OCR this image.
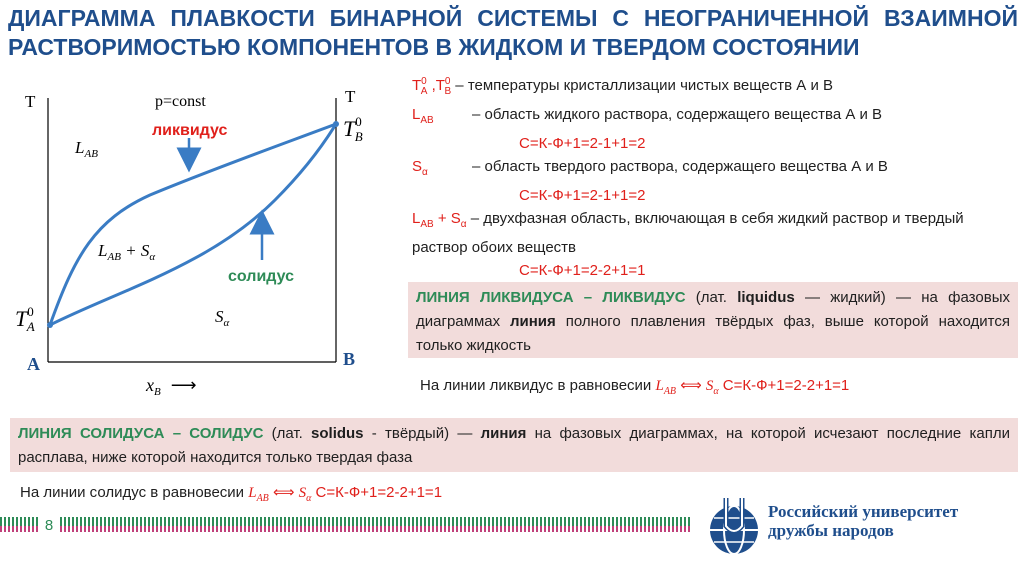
ДИАГРАММА ПЛАВКОСТИ БИНАРНОЙ СИСТЕМЫ С НЕОГРАНИЧЕННОЙ ВЗАИМНОЙ
РАСТВОРИМОСТЬЮ КОМПОНЕНТОВ В ЖИДКОМ И ТВЕРДОМ СОСТОЯНИИ
T	T
p=const
ликвидус
солидус
$L_{AB}$
$L_{AB} + S_\alpha$
$S_\alpha$
$T^0$ A
$T^0$ B
A	B
$x_B$ ⟶
$T^0_A$ $,T^0_B$ – температуры кристаллизации чистых веществ А и В
$L_{AB}$	– область жидкого раствора, содержащего вещества А и В
С=К-Ф+1=2-1+1=2
$S_\alpha$	– область твердого раствора, содержащего вещества А и В
С=К-Ф+1=2-1+1=2
$L_{AB} + S_\alpha$ – двухфазная область, включающая в себя жидкий раствор и твердый раствор обоих веществ
С=К-Ф+1=2-2+1=1
ЛИНИЯ ЛИКВИДУСА – ЛИКВИДУС (лат. liquidus — жидкий) — на фазовых диаграммах линия полного плавления твёрдых фаз, выше которой находится только жидкость
На линии ликвидус в равновесии $L_{AB}$ ⟺ $S_\alpha$ С=К-Ф+1=2-2+1=1
ЛИНИЯ СОЛИДУСА – СОЛИДУС (лат. solidus - твёрдый) — линия на фазовых диаграммах, на которой исчезают последние капли расплава, ниже которой находится только твердая фаза
На линии солидус в равновесии $L_{AB}$ ⟺ $S_\alpha$ С=К-Ф+1=2-2+1=1
8
Российский университет
дружбы народов
